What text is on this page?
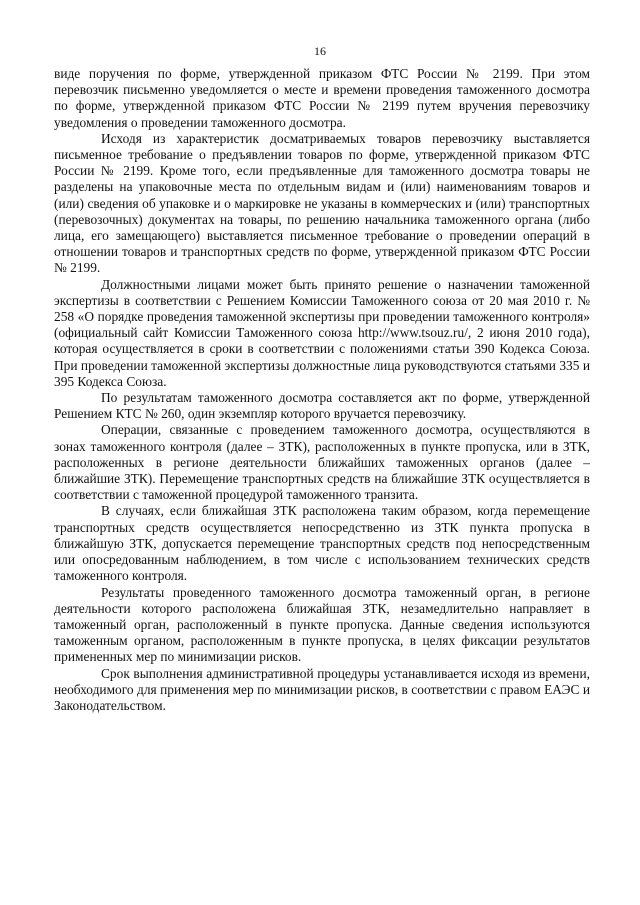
16

виде поручения по форме, утвержденной приказом ФТС России № 2199. При этом перевозчик письменно уведомляется о месте и времени проведения таможенного досмотра по форме, утвержденной приказом ФТС России № 2199 путем вручения перевозчику уведомления о проведении таможенного досмотра.

Исходя из характеристик досматриваемых товаров перевозчику выставляется письменное требование о предъявлении товаров по форме, утвержденной приказом ФТС России № 2199. Кроме того, если предъявленные для таможенного досмотра товары не разделены на упаковочные места по отдельным видам и (или) наименованиям товаров и (или) сведения об упаковке и о маркировке не указаны в коммерческих и (или) транспортных (перевозочных) документах на товары, по решению начальника таможенного органа (либо лица, его замещающего) выставляется письменное требование о проведении операций в отношении товаров и транспортных средств по форме, утвержденной приказом ФТС России № 2199.

Должностными лицами может быть принято решение о назначении таможенной экспертизы в соответствии с Решением Комиссии Таможенного союза от 20 мая 2010 г. № 258 «О порядке проведения таможенной экспертизы при проведении таможенного контроля» (официальный сайт Комиссии Таможенного союза http://www.tsouz.ru/, 2 июня 2010 года), которая осуществляется в сроки в соответствии с положениями статьи 390 Кодекса Союза. При проведении таможенной экспертизы должностные лица руководствуются статьями 335 и 395 Кодекса Союза.

По результатам таможенного досмотра составляется акт по форме, утвержденной Решением КТС № 260, один экземпляр которого вручается перевозчику.

Операции, связанные с проведением таможенного досмотра, осуществляются в зонах таможенного контроля (далее – ЗТК), расположенных в пункте пропуска, или в ЗТК, расположенных в регионе деятельности ближайших таможенных органов (далее – ближайшие ЗТК). Перемещение транспортных средств на ближайшие ЗТК осуществляется в соответствии с таможенной процедурой таможенного транзита.

В случаях, если ближайшая ЗТК расположена таким образом, когда перемещение транспортных средств осуществляется непосредственно из ЗТК пункта пропуска в ближайшую ЗТК, допускается перемещение транспортных средств под непосредственным или опосредованным наблюдением, в том числе с использованием технических средств таможенного контроля.

Результаты проведенного таможенного досмотра таможенный орган, в регионе деятельности которого расположена ближайшая ЗТК, незамедлительно направляет в таможенный орган, расположенный в пункте пропуска. Данные сведения используются таможенным органом, расположенным в пункте пропуска, в целях фиксации результатов примененных мер по минимизации рисков.

Срок выполнения административной процедуры устанавливается исходя из времени, необходимого для применения мер по минимизации рисков, в соответствии с правом ЕАЭС и Законодательством.
